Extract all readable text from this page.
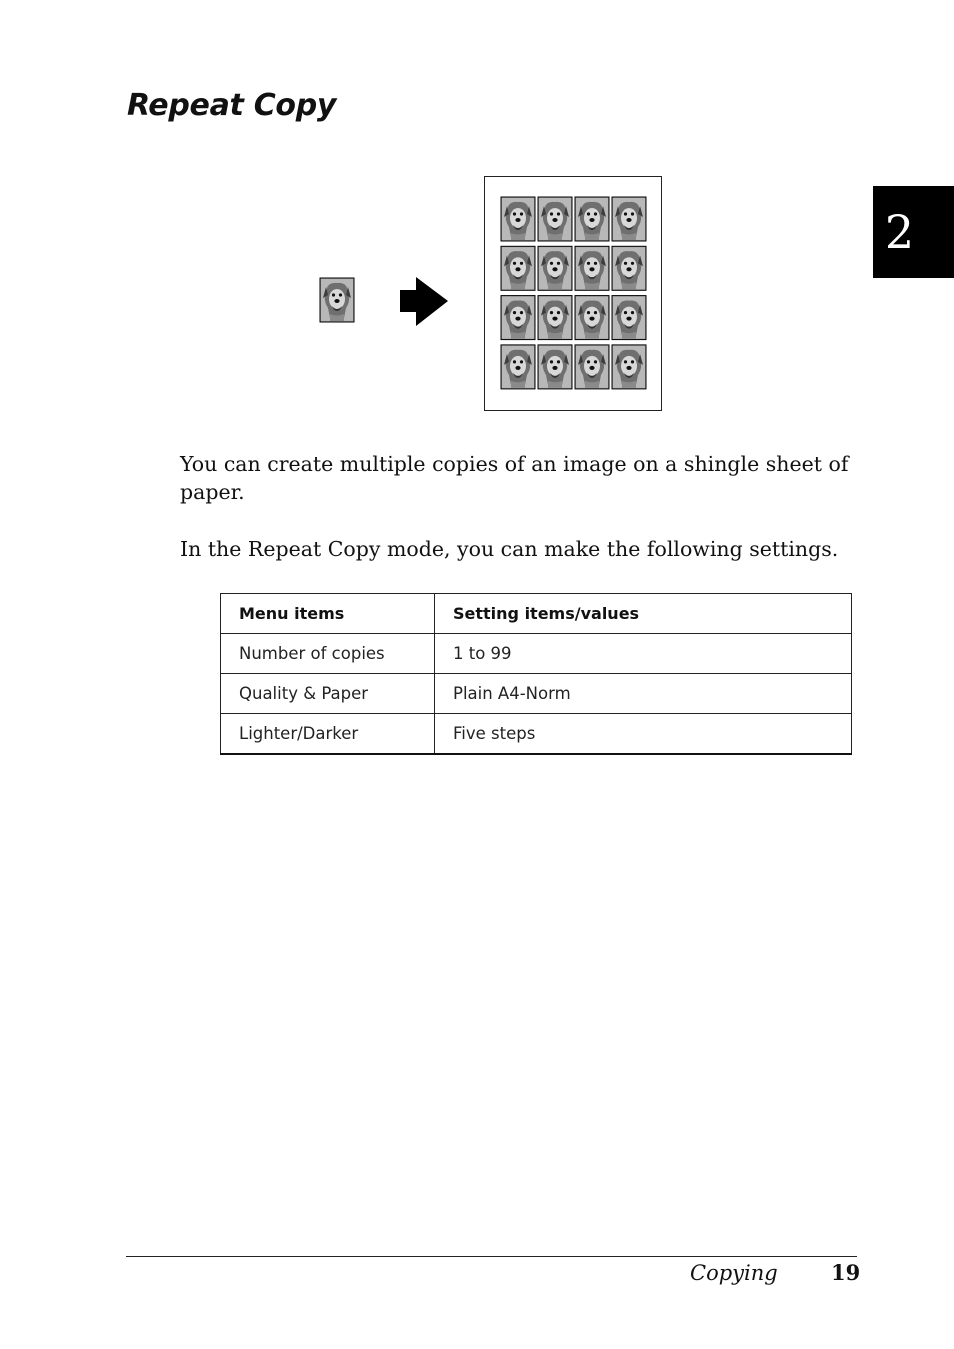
Repeat Copy
2

You can create multiple copies of an image on a shingle sheet of paper.

In the Repeat Copy mode, you can make the following settings.

Menu items	Setting items/values
Number of copies	1 to 99
Quality & Paper	Plain A4-Norm
Lighter/Darker	Five steps
Copying	19
